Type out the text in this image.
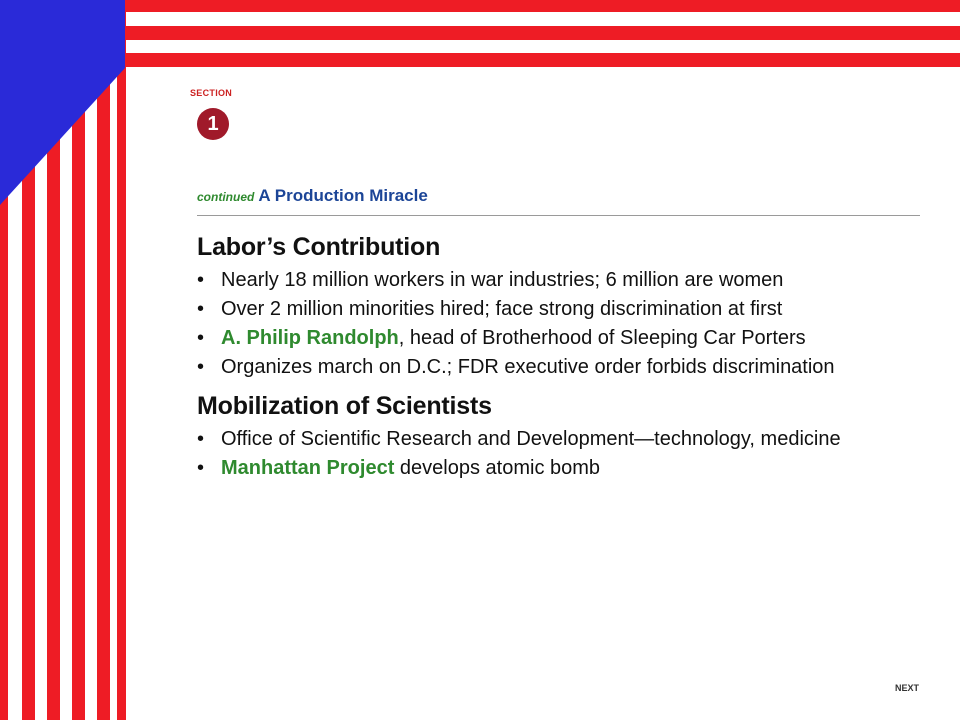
SECTION
1
continued A Production Miracle
Labor’s Contribution

• Nearly 18 million workers in war industries; 6 million are women

• Over 2 million minorities hired; face strong discrimination at first

• A. Philip Randolph, head of Brotherhood of Sleeping Car Porters

• Organizes march on D.C.; FDR executive order forbids discrimination

Mobilization of Scientists

• Office of Scientific Research and Development—technology, medicine

• Manhattan Project develops atomic bomb

NEXT
